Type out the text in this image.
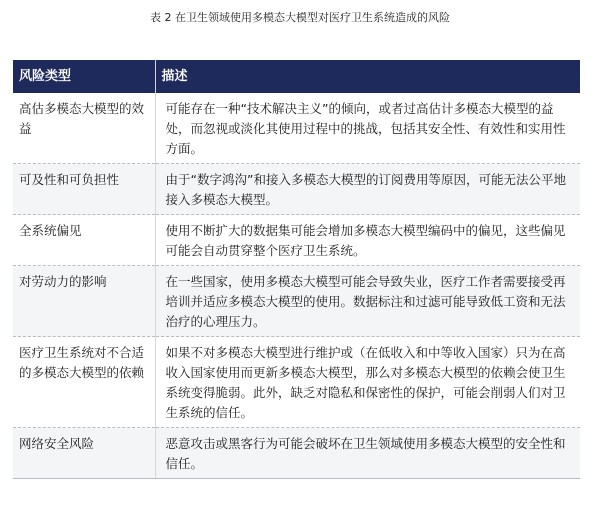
表 2 在卫生领域使用多模态大模型对医疗卫生系统造成的风险
风险类型	描述
高估多模态大模型的效益	可能存在一种“技术解决主义”的倾向，或者过高估计多模态大模型的益处，而忽视或淡化其使用过程中的挑战，包括其安全性、有效性和实用性方面。
可及性和可负担性	由于“数字鸿沟”和接入多模态大模型的订阅费用等原因，可能无法公平地接入多模态大模型。
全系统偏见	使用不断扩大的数据集可能会增加多模态大模型编码中的偏见，这些偏见可能会自动贯穿整个医疗卫生系统。
对劳动力的影响	在一些国家，使用多模态大模型可能会导致失业，医疗工作者需要接受再培训并适应多模态大模型的使用。数据标注和过滤可能导致低工资和无法治疗的心理压力。
医疗卫生系统对不合适的多模态大模型的依赖	如果不对多模态大模型进行维护或（在低收入和中等收入国家）只为在高收入国家使用而更新多模态大模型，那么对多模态大模型的依赖会使卫生系统变得脆弱。此外，缺乏对隐私和保密性的保护，可能会削弱人们对卫生系统的信任。
网络安全风险	恶意攻击或黑客行为可能会破坏在卫生领域使用多模态大模型的安全性和信任。
